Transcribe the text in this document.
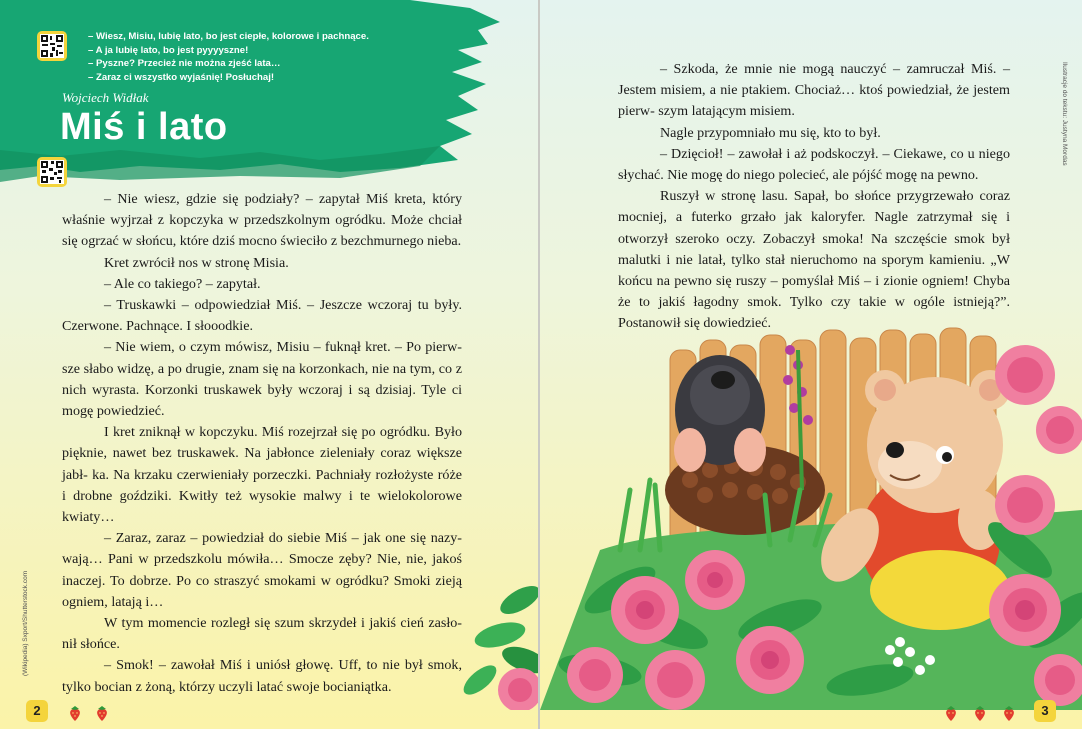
– Wiesz, Misiu, lubię lato, bo jest ciepłe, kolorowe i pachnące.
– A ja lubię lato, bo jest pyyyyszne!
– Pyszne? Przecież nie można zjeść lata…
– Zaraz ci wszystko wyjaśnię! Posłuchaj!
Wojciech Widłak
Miś i lato

– Nie wiesz, gdzie się podziały? – zapytał Miś kreta, który właśnie wyjrzał z kopczyka w przedszkolnym ogródku. Może chciał się ogrzać w słońcu, które dziś mocno świeciło z bezchmurnego nieba.

Kret zwrócił nos w stronę Misia.

– Ale co takiego? – zapytał.

– Truskawki – odpowiedział Miś. – Jeszcze wczoraj tu były. Czerwone. Pachnące. I słooodkie.

– Nie wiem, o czym mówisz, Misiu – fuknął kret. – Po pierw- sze słabo widzę, a po drugie, znam się na korzonkach, nie na tym, co z nich wyrasta. Korzonki truskawek były wczoraj i są dzisiaj. Tyle ci mogę powiedzieć.

I kret zniknął w kopczyku. Miś rozejrzał się po ogródku. Było pięknie, nawet bez truskawek. Na jabłonce zieleniały coraz większe jabł- ka. Na krzaku czerwieniały porzeczki. Pachniały rozłożyste róże i drobne goździki. Kwitły też wysokie malwy i te wielokolorowe kwiaty…

– Zaraz, zaraz – powiedział do siebie Miś – jak one się nazy- wają… Pani w przedszkolu mówiła… Smocze zęby? Nie, nie, jakoś inaczej. To dobrze. Po co straszyć smokami w ogródku? Smoki zieją ogniem, latają i…

W tym momencie rozległ się szum skrzydeł i jakiś cień zasło- nił słońce.

– Smok! – zawołał Miś i uniósł głowę. Uff, to nie był smok, tylko bocian z żoną, którzy uczyli latać swoje bocianiątka.

(Wikipedia) Sxport/Shutterstock.com
2

– Szkoda, że mnie nie mogą nauczyć – zamruczał Miś. – Jestem misiem, a nie ptakiem. Chociaż… ktoś powiedział, że jestem pierw- szym latającym misiem.

Nagle przypomniało mu się, kto to był.

– Dzięcioł! – zawołał i aż podskoczył. – Ciekawe, co u niego słychać. Nie mogę do niego polecieć, ale pójść mogę na pewno.

Ruszył w stronę lasu. Sapał, bo słońce przygrzewało coraz mocniej, a futerko grzało jak kaloryfer. Nagle zatrzymał się i otworzył szeroko oczy. Zobaczył smoka! Na szczęście smok był malutki i nie latał, tylko stał nieruchomo na sporym kamieniu. „W końcu na pewno się ruszy – pomyślał Miś – i zionie ogniem! Chyba że to jakiś łagodny smok. Tylko czy takie w ogóle istnieją?”. Postanowił się dowiedzieć.

Ilustracje do tekstu: Justyna Mordas
3
